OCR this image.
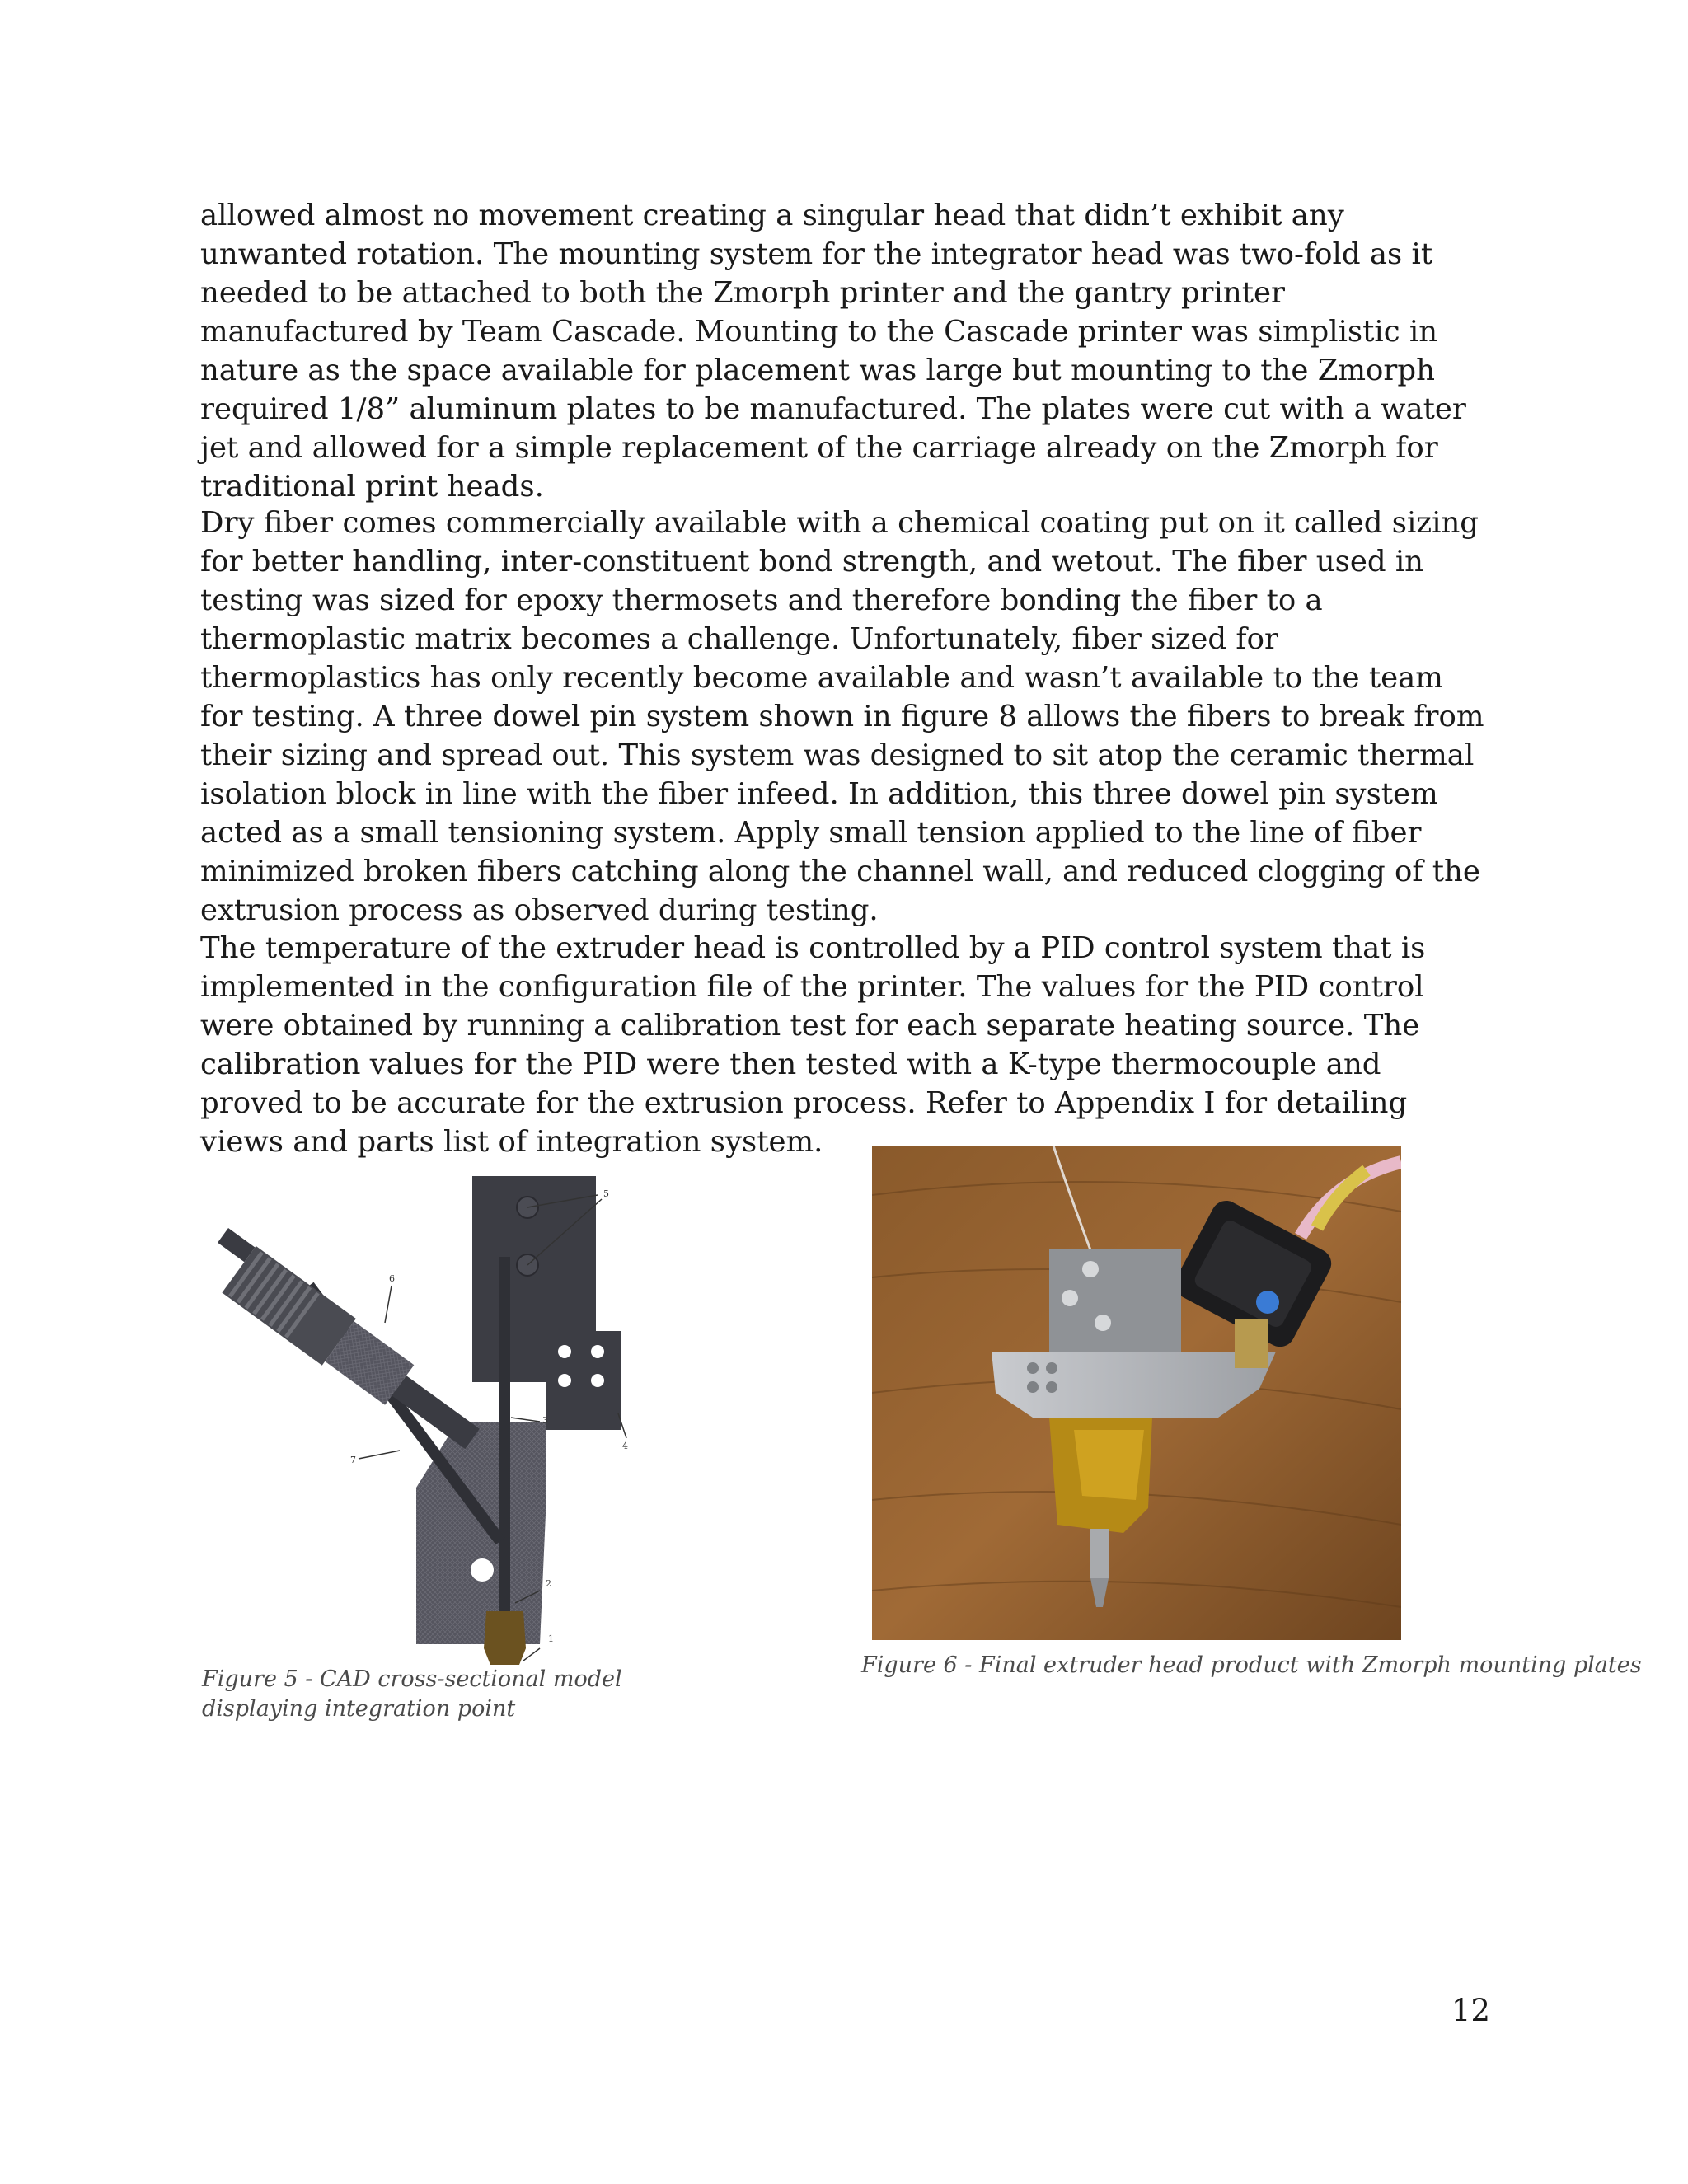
allowed almost no movement creating a singular head that didn’t exhibit any unwanted rotation. The mounting system for the integrator head was two-fold as it needed to be attached to both the Zmorph printer and the gantry printer manufactured by Team Cascade. Mounting to the Cascade printer was simplistic in nature as the space available for placement was large but mounting to the Zmorph required 1/8” aluminum plates to be manufactured. The plates were cut with a water jet and allowed for a simple replacement of the carriage already on the Zmorph for traditional print heads.

Dry fiber comes commercially available with a chemical coating put on it called sizing for better handling, inter-constituent bond strength, and wetout. The fiber used in testing was sized for epoxy thermosets and therefore bonding the fiber to a thermoplastic matrix becomes a challenge. Unfortunately, fiber sized for thermoplastics has only recently become available and wasn’t available to the team for testing. A three dowel pin system shown in figure 8 allows the fibers to break from their sizing and spread out. This system was designed to sit atop the ceramic thermal isolation block in line with the fiber infeed. In addition, this three dowel pin system acted as a small tensioning system. Apply small tension applied to the line of fiber minimized broken fibers catching along the channel wall, and reduced clogging of the extrusion process as observed during testing.

The temperature of the extruder head is controlled by a PID control system that is implemented in the configuration file of the printer. The values for the PID control were obtained by running a calibration test for each separate heating source. The calibration values for the PID were then tested with a K-type thermocouple and proved to be accurate for the extrusion process. Refer to Appendix I for detailing views and parts list of integration system.

1
2
3
4
5
6
7

Figure 5 - CAD cross-sectional model displaying integration point

Figure 6 - Final extruder head product with Zmorph mounting plates

12
